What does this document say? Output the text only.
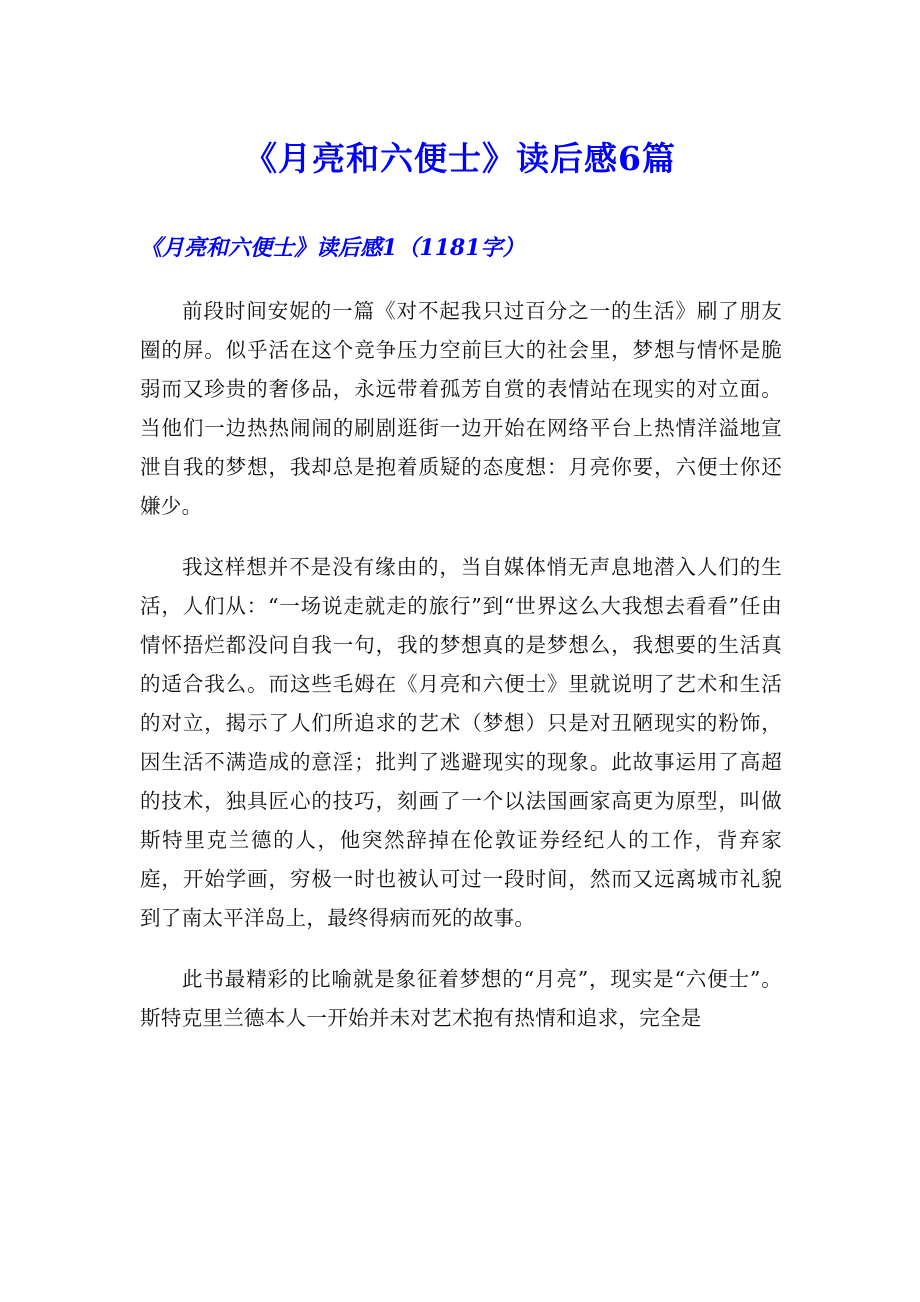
《月亮和六便士》读后感6篇
《月亮和六便士》读后感1（1181字）

前段时间安妮的一篇《对不起我只过百分之一的生活》刷了朋友圈的屏。似乎活在这个竞争压力空前巨大的社会里，梦想与情怀是脆弱而又珍贵的奢侈品，永远带着孤芳自赏的表情站在现实的对立面。当他们一边热热闹闹的刷剧逛街一边开始在网络平台上热情洋溢地宣泄自我的梦想，我却总是抱着质疑的态度想：月亮你要，六便士你还嫌少。

我这样想并不是没有缘由的，当自媒体悄无声息地潜入人们的生活，人们从：“一场说走就走的旅行”到“世界这么大我想去看看”任由情怀捂烂都没问自我一句，我的梦想真的是梦想么，我想要的生活真的适合我么。而这些毛姆在《月亮和六便士》里就说明了艺术和生活的对立，揭示了人们所追求的艺术（梦想）只是对丑陋现实的粉饰，因生活不满造成的意淫；批判了逃避现实的现象。此故事运用了高超的技术，独具匠心的技巧，刻画了一个以法国画家高更为原型，叫做斯特里克兰德的人，他突然辞掉在伦敦证券经纪人的工作，背弃家庭，开始学画，穷极一时也被认可过一段时间，然而又远离城市礼貌到了南太平洋岛上，最终得病而死的故事。

此书最精彩的比喻就是象征着梦想的“月亮”，现实是“六便士”。斯特克里兰德本人一开始并未对艺术抱有热情和追求，完全是
